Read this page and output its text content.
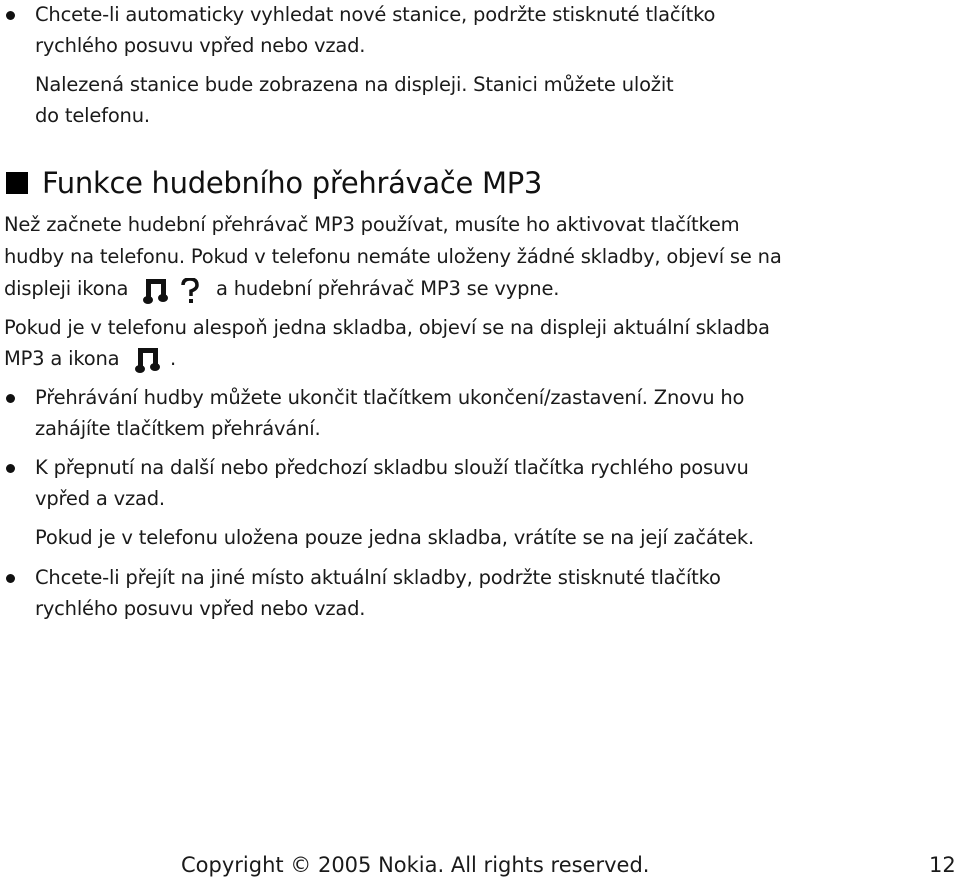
Chcete-li automaticky vyhledat nové stanice, podržte stisknuté tlačítko
rychlého posuvu vpřed nebo vzad.
Nalezená stanice bude zobrazena na displeji. Stanici můžete uložit
do telefonu.
Funkce hudebního přehrávače MP3
Než začnete hudební přehrávač MP3 používat, musíte ho aktivovat tlačítkem
hudby na telefonu. Pokud v telefonu nemáte uloženy žádné skladby, objeví se na
displeji ikona	a hudební přehrávač MP3 se vypne.
Pokud je v telefonu alespoň jedna skladba, objeví se na displeji aktuální skladba
MP3 a ikona	.
Přehrávání hudby můžete ukončit tlačítkem ukončení/zastavení. Znovu ho
zahájíte tlačítkem přehrávání.
K přepnutí na další nebo předchozí skladbu slouží tlačítka rychlého posuvu
vpřed a vzad.
Pokud je v telefonu uložena pouze jedna skladba, vrátíte se na její začátek.
Chcete-li přejít na jiné místo aktuální skladby, podržte stisknuté tlačítko
rychlého posuvu vpřed nebo vzad.
Copyright © 2005 Nokia. All rights reserved.	12
